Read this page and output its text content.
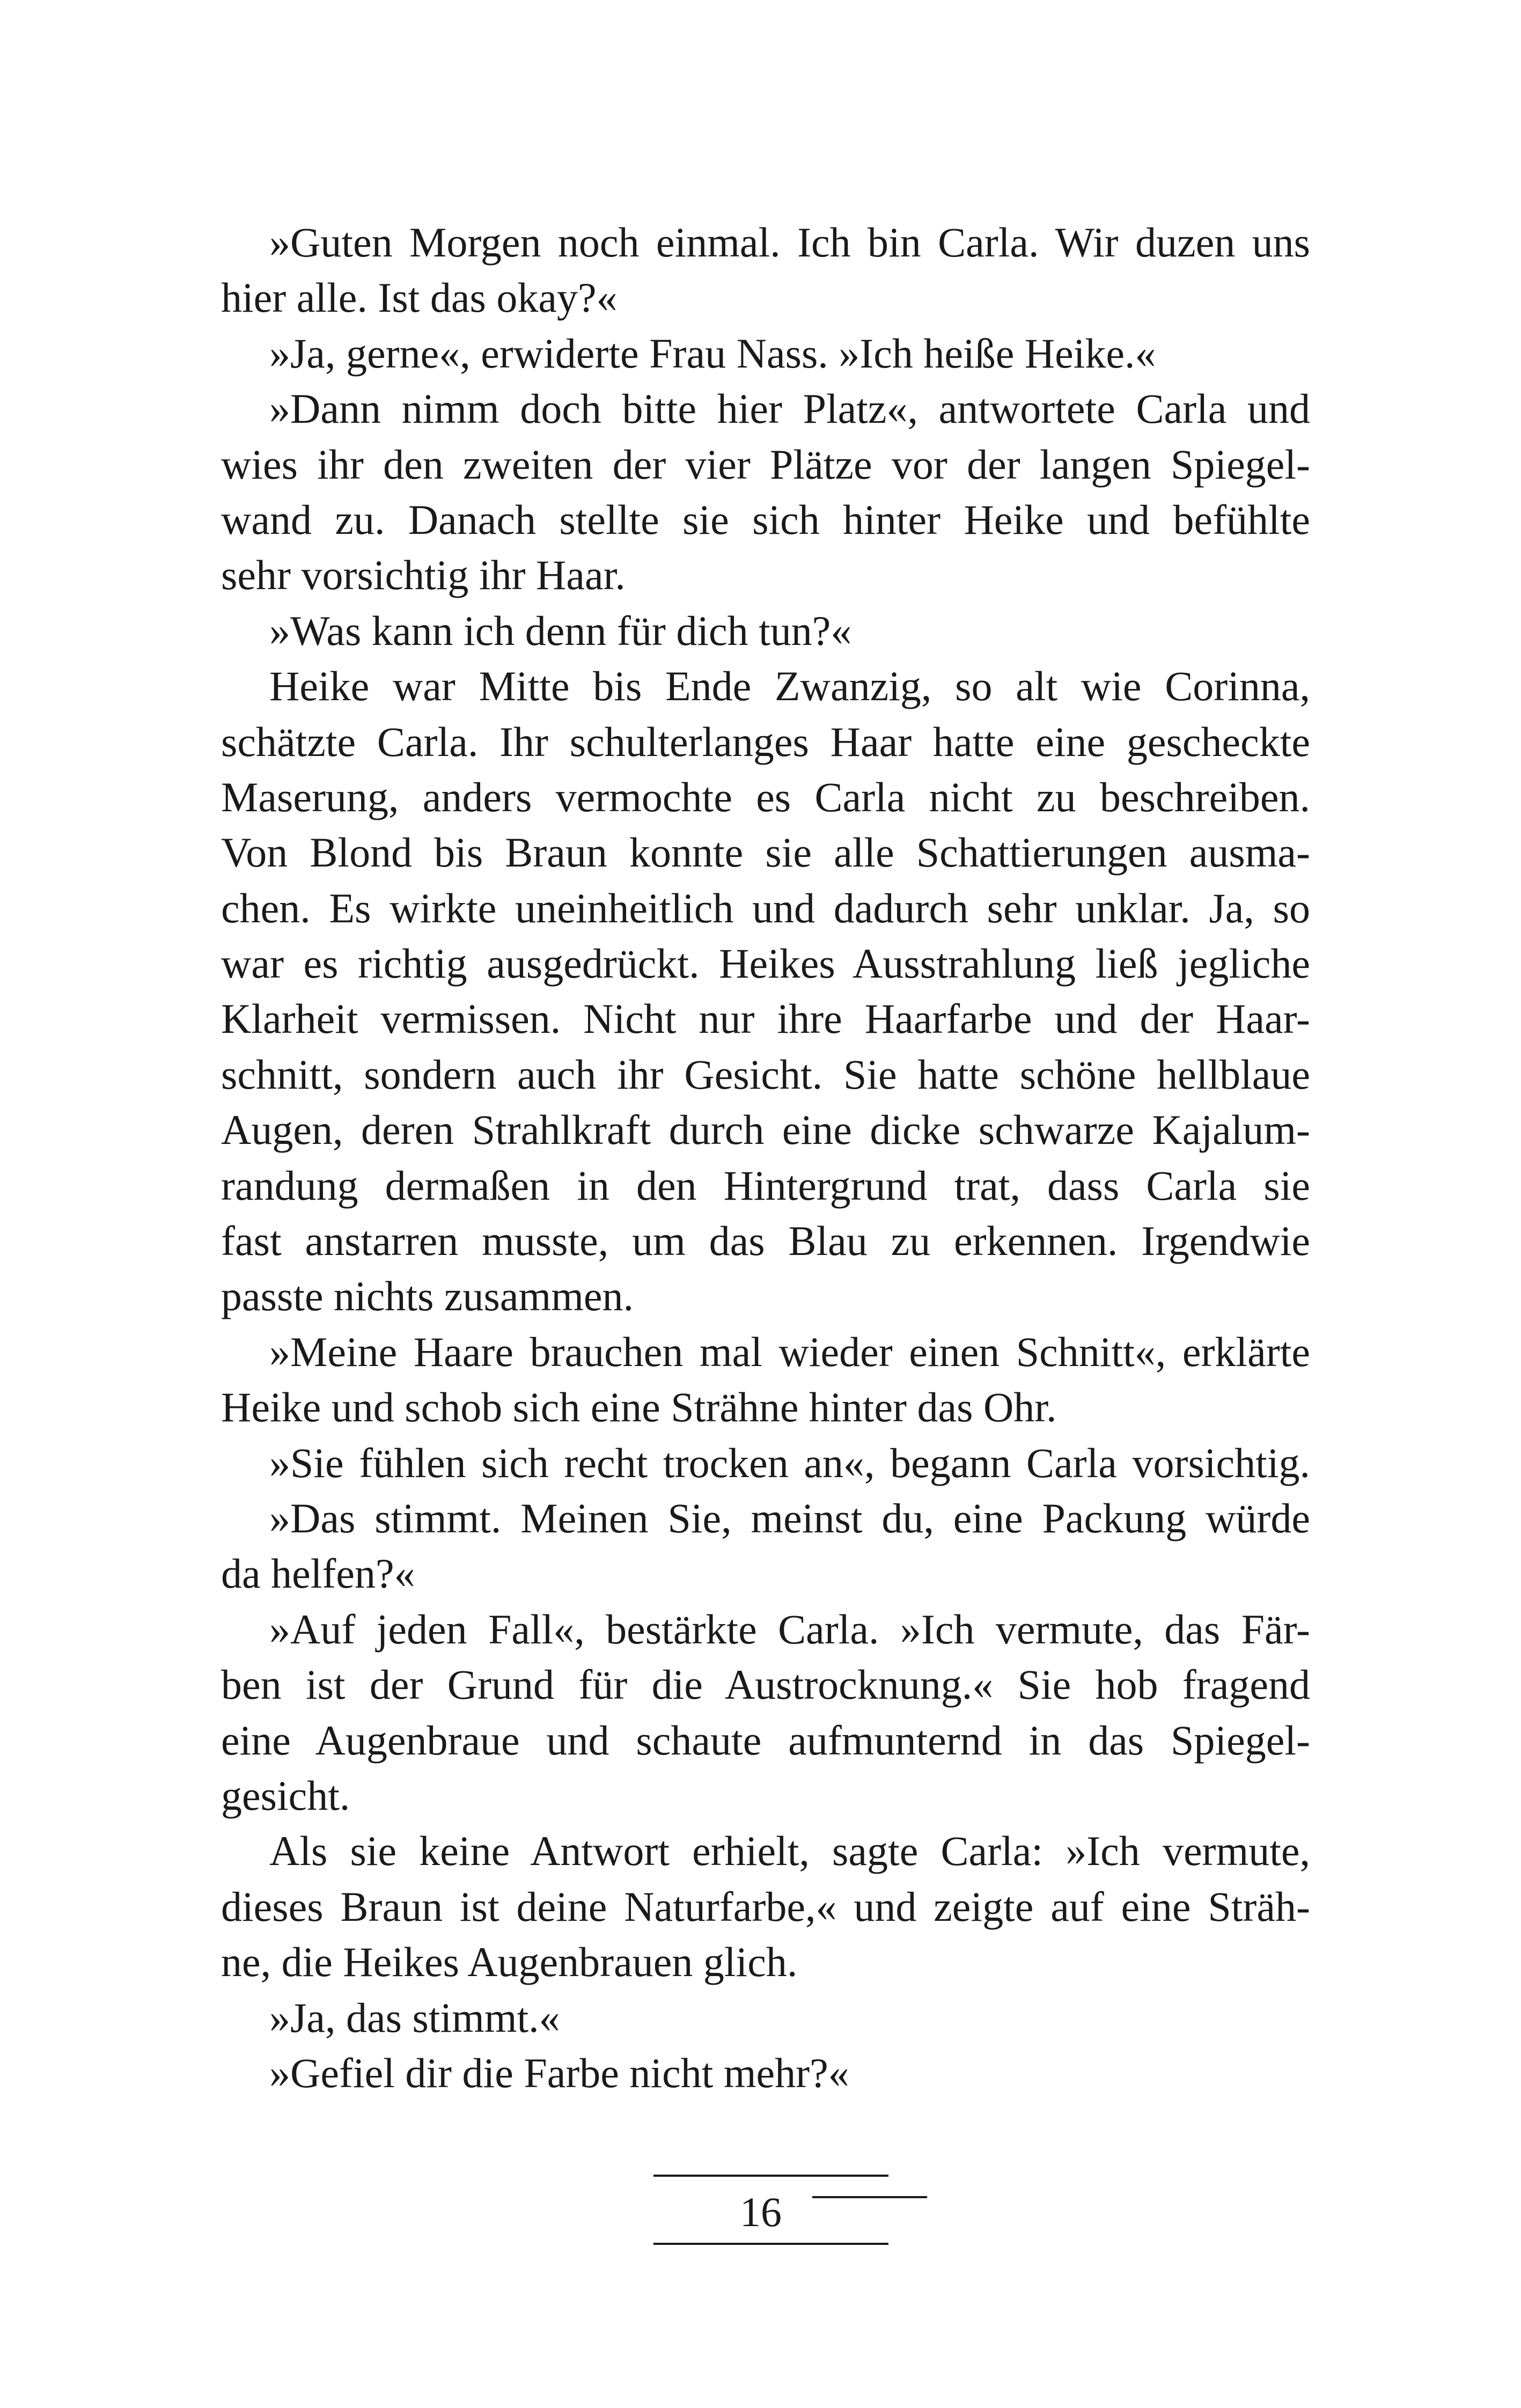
»Guten Morgen noch einmal. Ich bin Carla. Wir duzen uns
hier alle. Ist das okay?«
»Ja, gerne«, erwiderte Frau Nass. »Ich heiße Heike.«
»Dann nimm doch bitte hier Platz«, antwortete Carla und
wies ihr den zweiten der vier Plätze vor der langen Spiegel-
wand zu. Danach stellte sie sich hinter Heike und befühlte
sehr vorsichtig ihr Haar.
»Was kann ich denn für dich tun?«
Heike war Mitte bis Ende Zwanzig, so alt wie Corinna,
schätzte Carla. Ihr schulterlanges Haar hatte eine gescheckte
Maserung, anders vermochte es Carla nicht zu beschreiben.
Von Blond bis Braun konnte sie alle Schattierungen ausma-
chen. Es wirkte uneinheitlich und dadurch sehr unklar. Ja, so
war es richtig ausgedrückt. Heikes Ausstrahlung ließ jegliche
Klarheit vermissen. Nicht nur ihre Haarfarbe und der Haar-
schnitt, sondern auch ihr Gesicht. Sie hatte schöne hellblaue
Augen, deren Strahlkraft durch eine dicke schwarze Kajalum-
randung dermaßen in den Hintergrund trat, dass Carla sie
fast anstarren musste, um das Blau zu erkennen. Irgendwie
passte nichts zusammen.
»Meine Haare brauchen mal wieder einen Schnitt«, erklärte
Heike und schob sich eine Strähne hinter das Ohr.
»Sie fühlen sich recht trocken an«, begann Carla vorsichtig.
»Das stimmt. Meinen Sie, meinst du, eine Packung würde
da helfen?«
»Auf jeden Fall«, bestärkte Carla. »Ich vermute, das Fär-
ben ist der Grund für die Austrocknung.« Sie hob fragend
eine Augenbraue und schaute aufmunternd in das Spiegel-
gesicht.
Als sie keine Antwort erhielt, sagte Carla: »Ich vermute,
dieses Braun ist deine Naturfarbe,« und zeigte auf eine Sträh-
ne, die Heikes Augenbrauen glich.
»Ja, das stimmt.«
»Gefiel dir die Farbe nicht mehr?«
16
